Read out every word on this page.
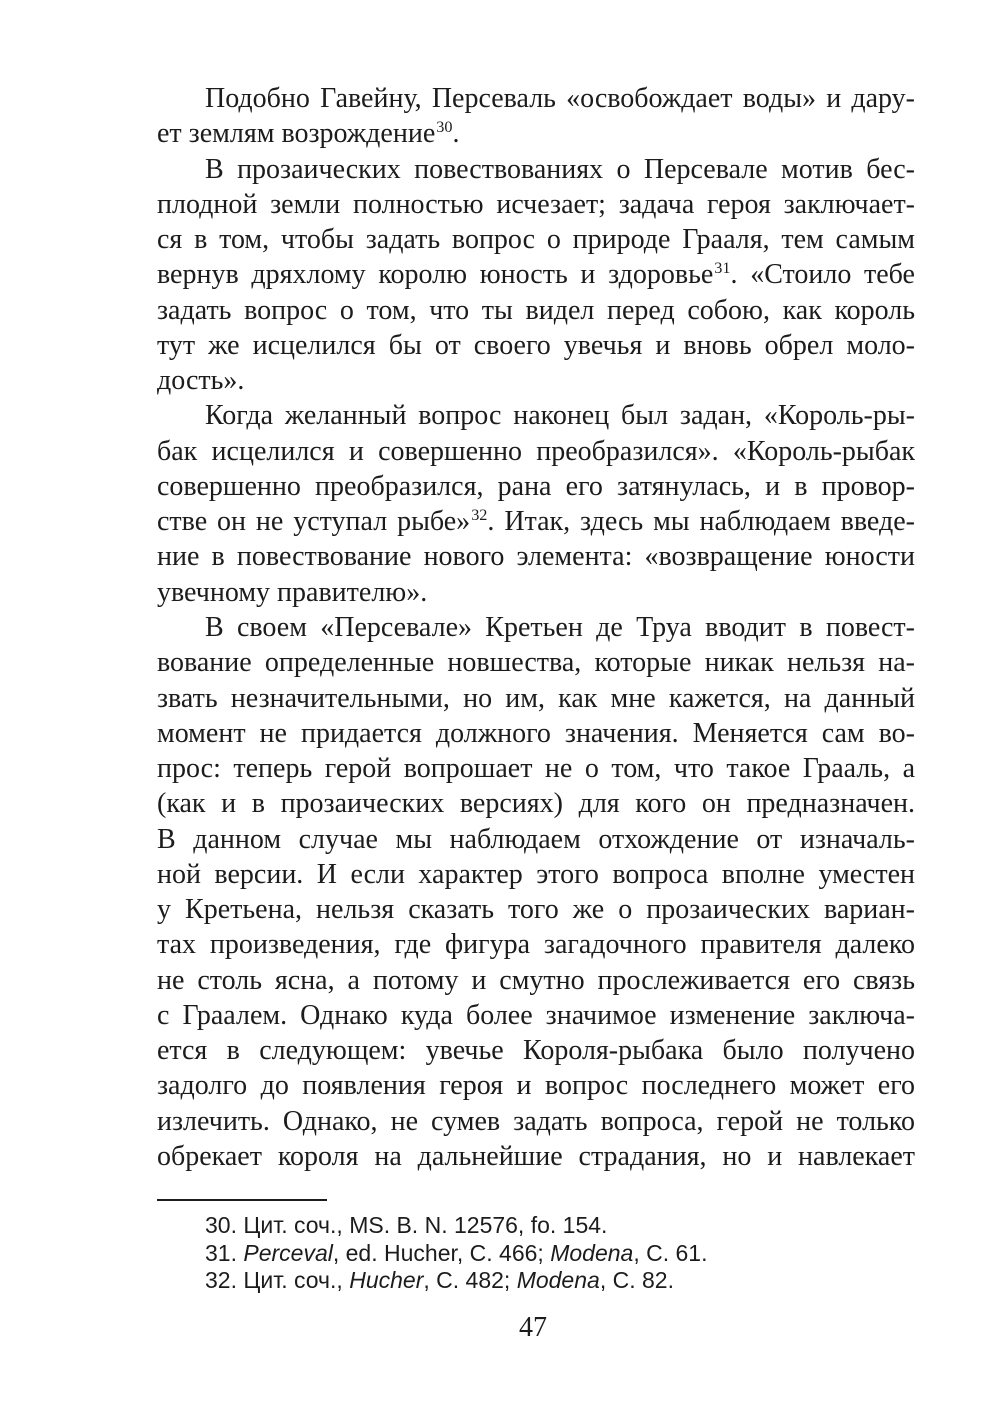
Подобно Гавейну, Персеваль «освобождает воды» и дару-
ет землям возрождение$^{30}$.
В прозаических повествованиях о Персевале мотив бес-
плодной земли полностью исчезает; задача героя заключает-
ся в том, чтобы задать вопрос о природе Грааля, тем самым
вернув дряхлому королю юность и здоровье$^{31}$. «Стоило тебе
задать вопрос о том, что ты видел перед собою, как король
тут же исцелился бы от своего увечья и вновь обрел моло-
дость».
Когда желанный вопрос наконец был задан, «Король-ры-
бак исцелился и совершенно преобразился». «Король-рыбак
совершенно преобразился, рана его затянулась, и в провор-
стве он не уступал рыбе»$^{32}$. Итак, здесь мы наблюдаем введе-
ние в повествование нового элемента: «возвращение юности
увечному правителю».
В своем «Персевале» Кретьен де Труа вводит в повест-
вование определенные новшества, которые никак нельзя на-
звать незначительными, но им, как мне кажется, на данный
момент не придается должного значения. Меняется сам во-
прос: теперь герой вопрошает не о том, что такое Грааль, а
(как и в прозаических версиях) для кого он предназначен.
В данном случае мы наблюдаем отхождение от изначаль-
ной версии. И если характер этого вопроса вполне уместен
у Кретьена, нельзя сказать того же о прозаических вариан-
тах произведения, где фигура загадочного правителя далеко
не столь ясна, а потому и смутно прослеживается его связь
с Граалем. Однако куда более значимое изменение заключа-
ется в следующем: увечье Короля-рыбака было получено
задолго до появления героя и вопрос последнего может его
излечить. Однако, не сумев задать вопроса, герой не только
обрекает короля на дальнейшие страдания, но и навлекает
30. Цит. соч., MS. B. N. 12576, fo. 154.
31. Perceval, ed. Hucher, С. 466; Modena, С. 61.
32. Цит. соч., Hucher, С. 482; Modena, С. 82.
47
